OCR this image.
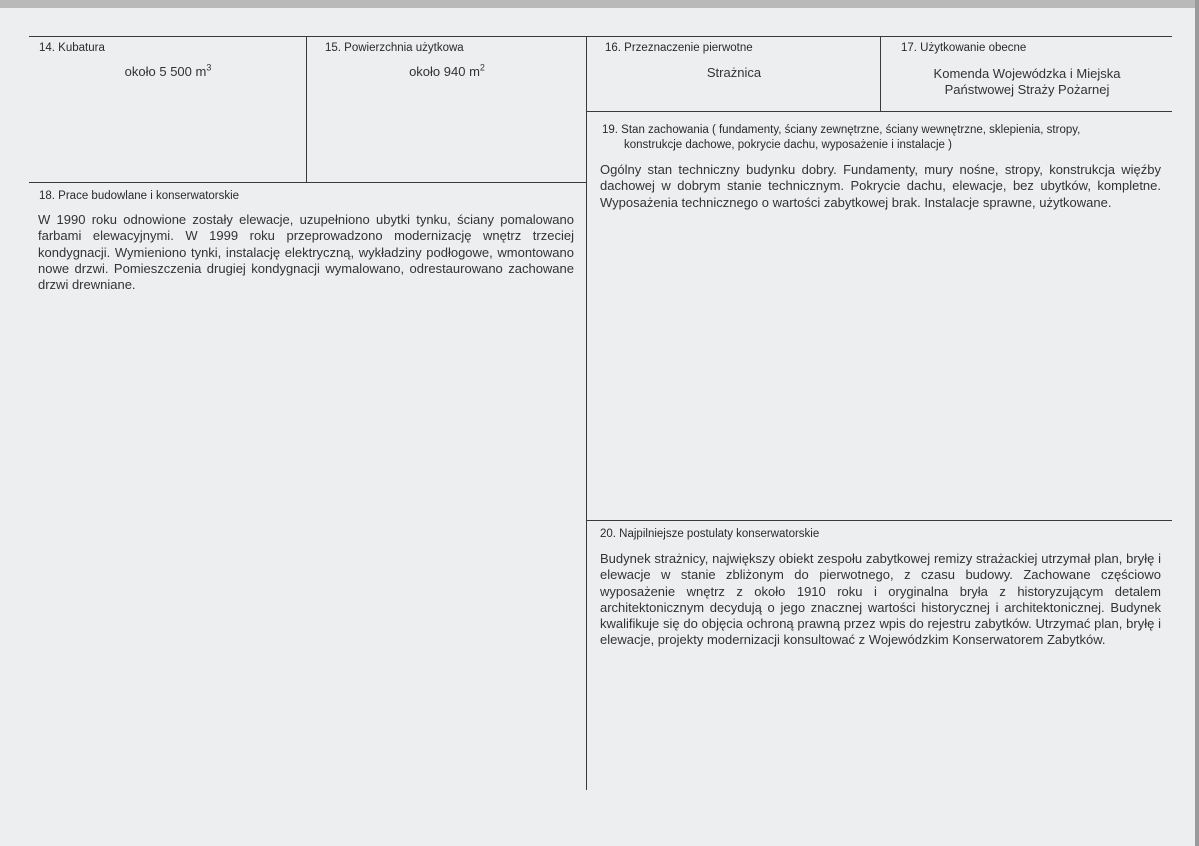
14. Kubatura
około 5 500 $m^3$
15. Powierzchnia użytkowa
około 940 $m^2$
16. Przeznaczenie pierwotne
Strażnica
17. Użytkowanie obecne
Komenda Wojewódzka i Miejska
Państwowej Straży Pożarnej
19. Stan zachowania ( fundamenty, ściany zewnętrzne, ściany wewnętrzne, sklepienia, stropy,
konstrukcje dachowe, pokrycie dachu, wyposażenie i instalacje )
Ogólny stan techniczny budynku dobry. Fundamenty, mury nośne, stropy, konstrukcja więźby dachowej w dobrym stanie technicznym. Pokrycie dachu, elewacje, bez ubytków, kompletne. Wyposażenia technicznego o wartości zabytkowej brak. Instalacje sprawne, użytkowane.
18. Prace budowlane i konserwatorskie
W 1990 roku odnowione zostały elewacje, uzupełniono ubytki tynku, ściany pomalowano farbami elewacyjnymi. W 1999 roku przeprowadzono modernizację wnętrz trzeciej kondygnacji. Wymieniono tynki, instalację elektryczną, wykładziny podłogowe, wmontowano nowe drzwi. Pomieszczenia drugiej kondygnacji wymalowano, odrestaurowano zachowane drzwi drewniane.
20. Najpilniejsze postulaty konserwatorskie
Budynek strażnicy, największy obiekt zespołu zabytkowej remizy strażackiej utrzymał plan, bryłę i elewacje w stanie zbliżonym do pierwotnego, z czasu budowy. Zachowane częściowo wyposażenie wnętrz z około 1910 roku i oryginalna bryła z historyzującym detalem architektonicznym decydują o jego znacznej wartości historycznej i architektonicznej. Budynek kwalifikuje się do objęcia ochroną prawną przez wpis do rejestru zabytków. Utrzymać plan, bryłę i elewacje, projekty modernizacji konsultować z Wojewódzkim Konserwatorem Zabytków.
